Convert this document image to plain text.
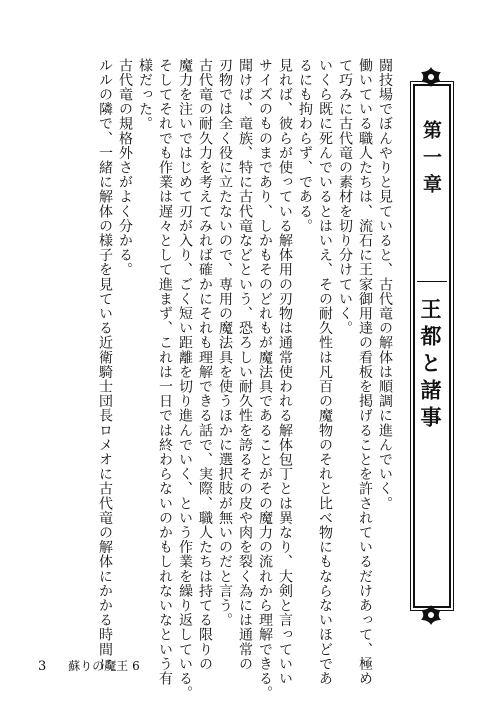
闘技場でぼんやりと見ていると、古代竜の解体は順調に進んでいく。
働いている職人たちは、流石に王家御用達の看板を掲げることを許されているだけあって、極め
て巧みに古代竜の素材を切り分けていく。
いくら既に死んでいるとはいえ、その耐久性は凡百の魔物のそれと比べ物にもならないほどであ
るにも拘わらず、である。
見れば、彼らが使っている解体用の刃物は通常使われる解体包丁とは異なり、大剣と言っていい
サイズのものまであり、しかもそのどれもが魔法具であることがその魔力の流れから理解できる。
聞けば、竜族、特に古代竜などという、恐ろしい耐久性を誇るその皮や肉を裂く為には通常の
刃物では全く役に立たないので、専用の魔法具を使うほかに選択肢が無いのだと言う。
古代竜の耐久力を考えてみれば確かにそれも理解できる話で、実際、職人たちは持てる限りの
魔力を注いではじめて刃が入り、ごく短い距離を切り進んでいく、という作業を繰り返している。
そしてそれでも作業は遅々として進まず、これは一日では終わらないのかもしれないなという有
様だった。
古代竜の規格外さがよく分かる。
ルルの隣で、一緒に解体の様子を見ている近衛騎士団長ロメオに古代竜の解体にかかる時間に	第一章
王都と諸事
3 蘇りの魔王 6
